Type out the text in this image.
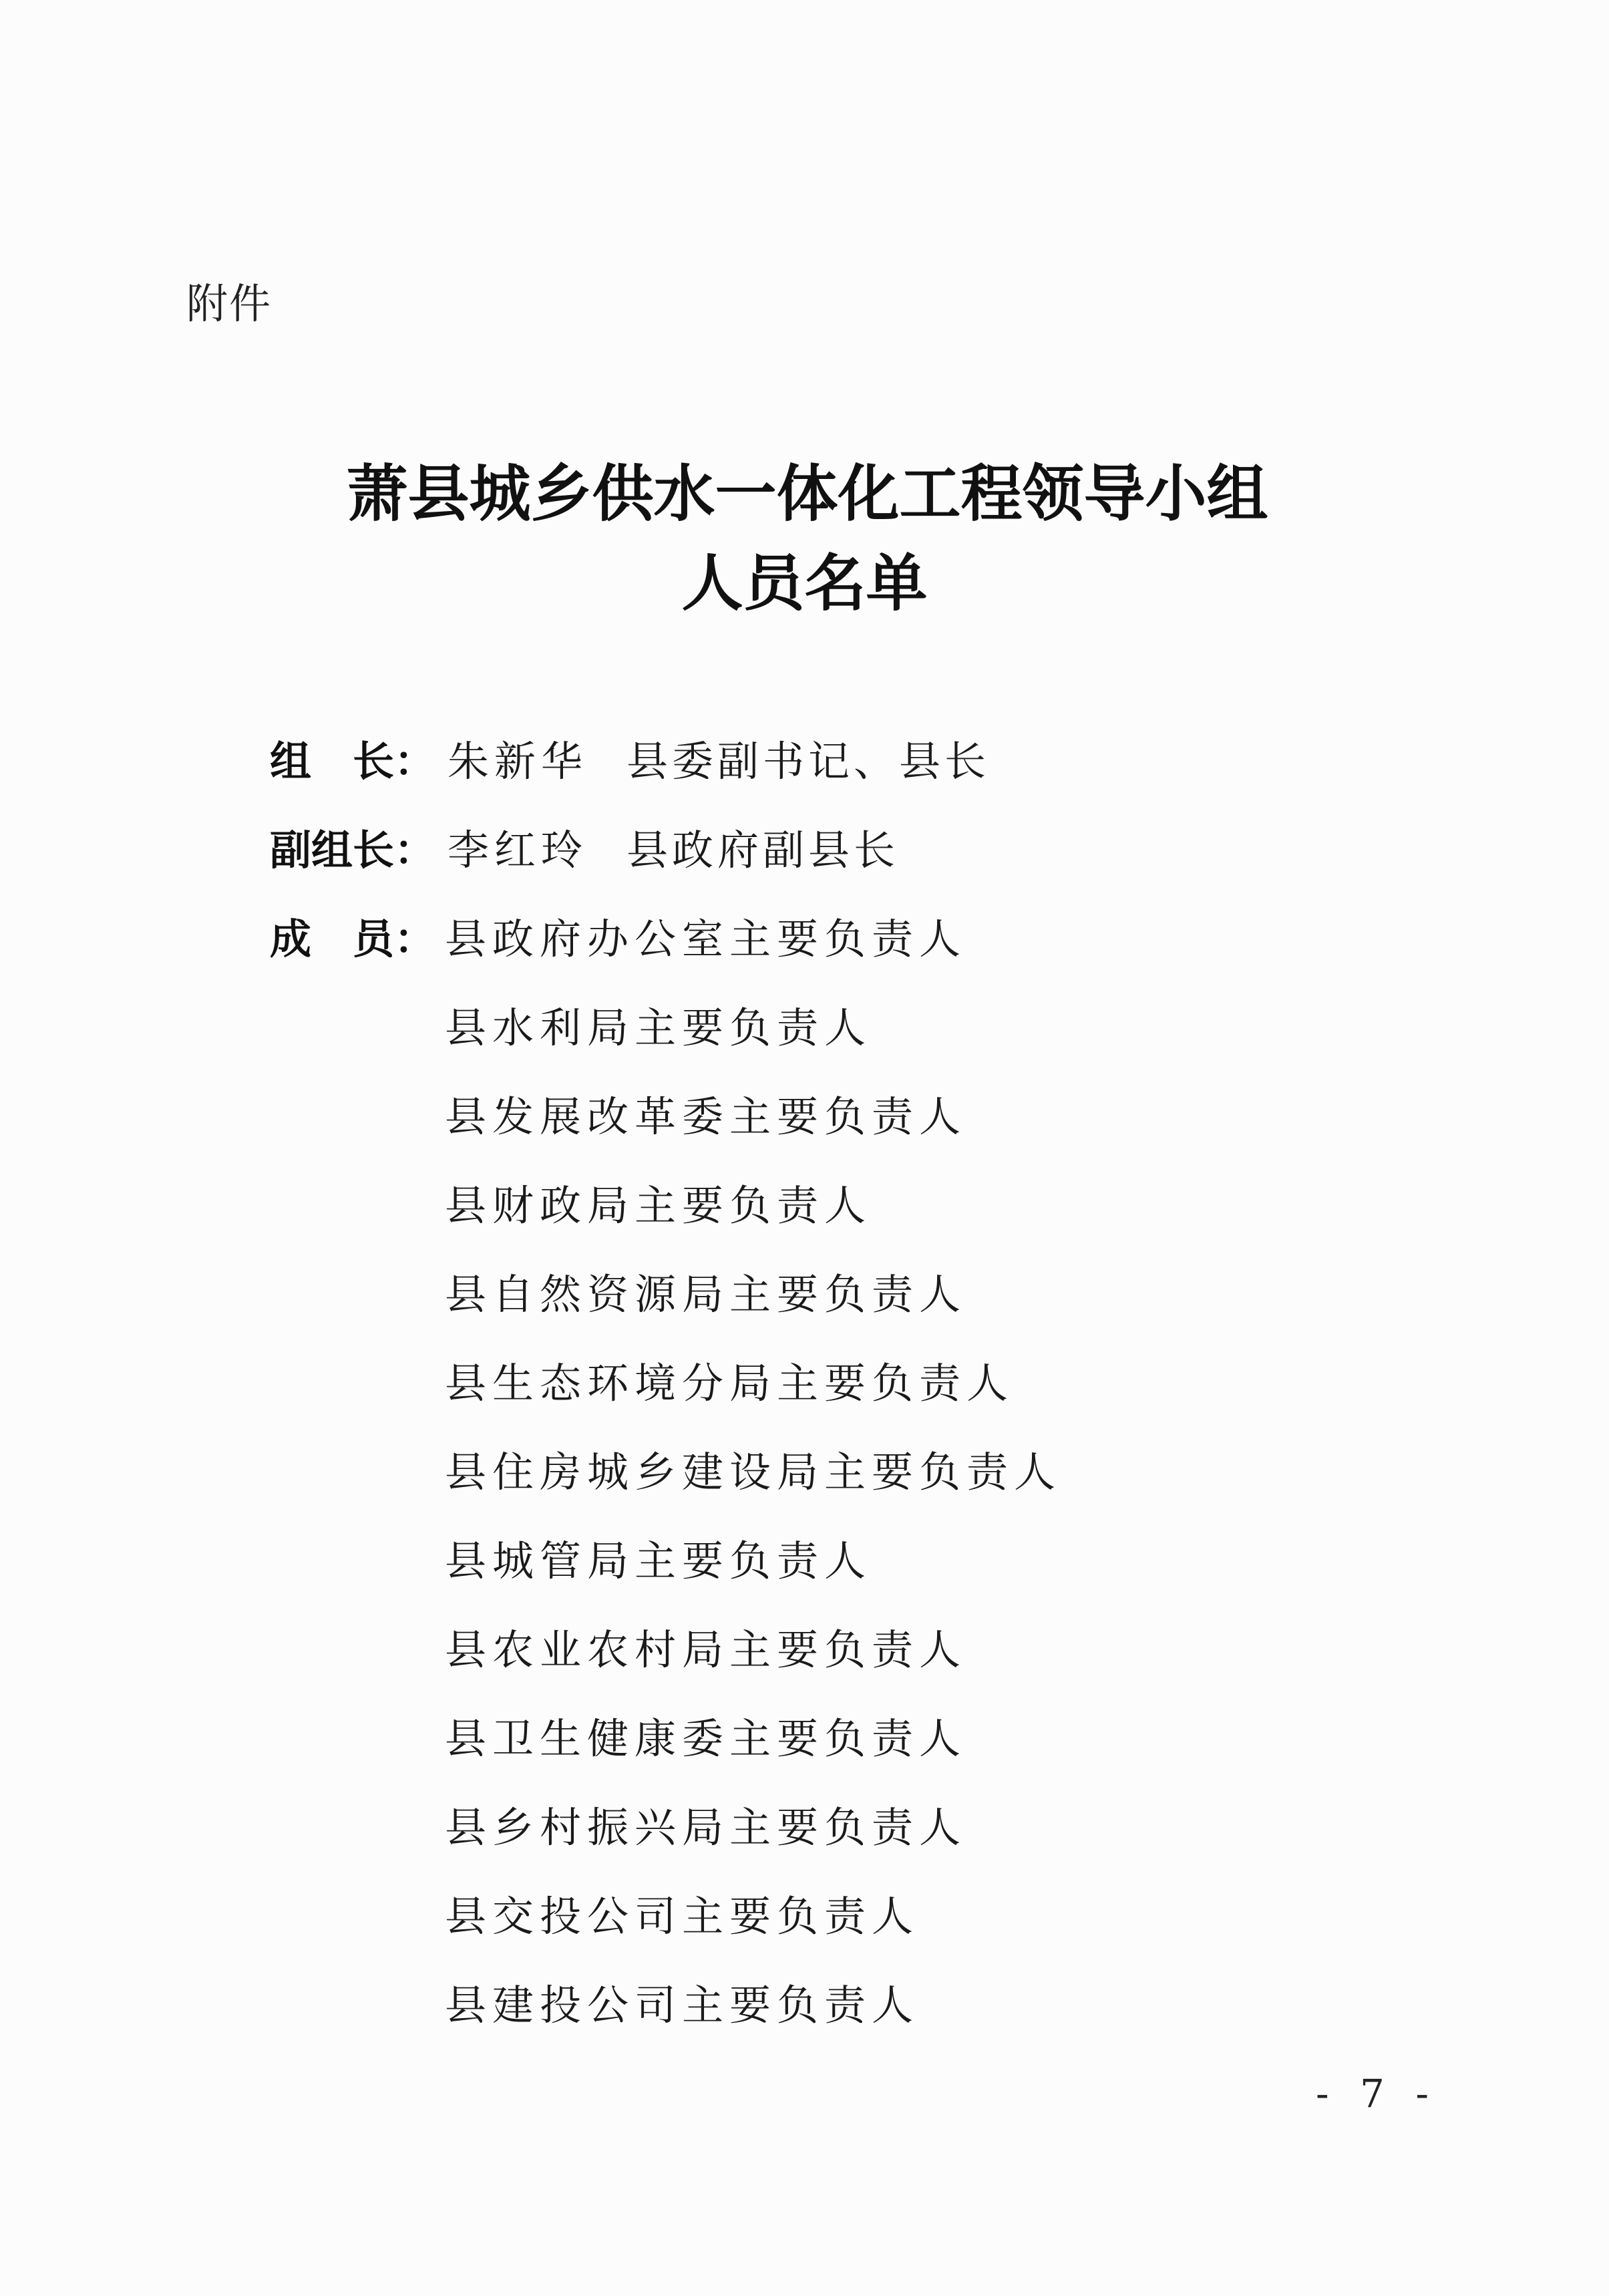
附件
萧县城乡供水一体化工程领导小组
人员名单
组　长： 朱新华 县委副书记、县长
副组长： 李红玲 县政府副县长
成　员： 县政府办公室主要负责人
县水利局主要负责人
县发展改革委主要负责人
县财政局主要负责人
县自然资源局主要负责人
县生态环境分局主要负责人
县住房城乡建设局主要负责人
县城管局主要负责人
县农业农村局主要负责人
县卫生健康委主要负责人
县乡村振兴局主要负责人
县交投公司主要负责人
县建投公司主要负责人
- 7 -
